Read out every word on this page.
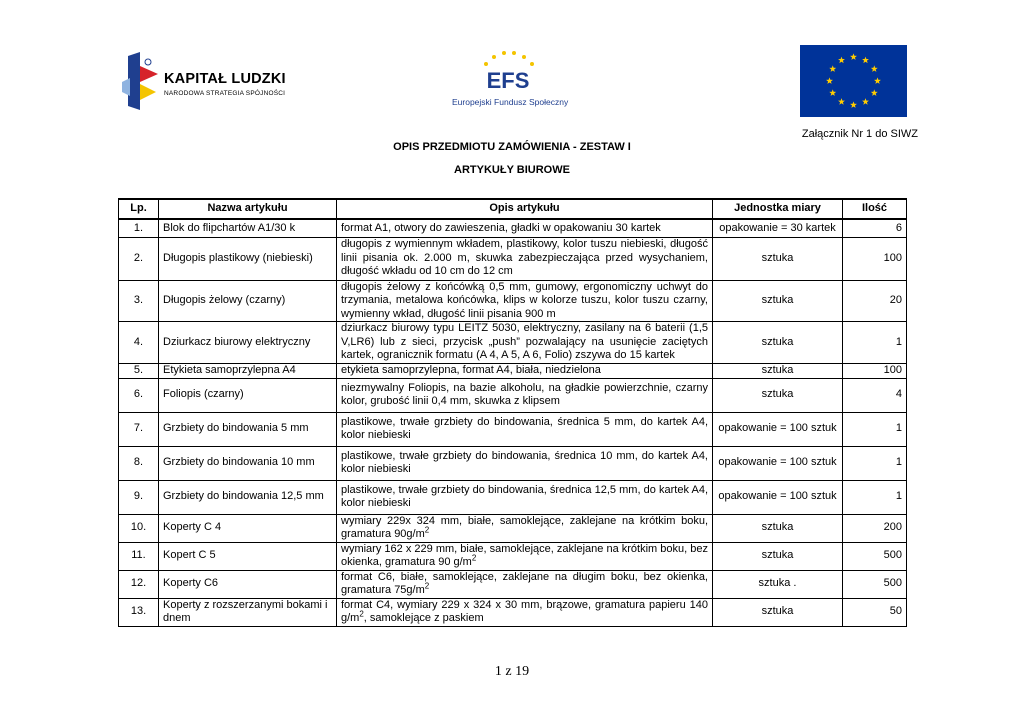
KAPITAŁ LUDZKI
NARODOWA STRATEGIA SPÓJNOŚCI
EFS
Europejski Fundusz Społeczny
Załącznik Nr 1 do SIWZ
OPIS PRZEDMIOTU ZAMÓWIENIA - ZESTAW I
ARTYKUŁY BIUROWE
Lp.	Nazwa artykułu	Opis artykułu	Jednostka miary	Ilość
1.	Blok do flipchartów A1/30 k	format A1, otwory do zawieszenia, gładki w opakowaniu 30 kartek	opakowanie = 30 kartek	6
2.	Długopis plastikowy (niebieski)	długopis z wymiennym wkładem, plastikowy, kolor tuszu niebieski, długość linii pisania ok. 2.000 m, skuwka zabezpieczająca przed wysychaniem, długość wkładu od 10 cm do 12 cm	sztuka	100
3.	Długopis żelowy (czarny)	długopis żelowy z końcówką 0,5 mm, gumowy, ergonomiczny uchwyt do trzymania, metalowa końcówka, klips w kolorze tuszu, kolor tuszu czarny, wymienny wkład, długość linii pisania 900 m	sztuka	20
4.	Dziurkacz biurowy elektryczny	dziurkacz biurowy typu LEITZ 5030, elektryczny, zasilany na 6 baterii (1,5 V,LR6) lub z sieci, przycisk „push” pozwalający na usunięcie zaciętych kartek, ogranicznik formatu (A 4, A 5, A 6, Folio) zszywa do 15 kartek	sztuka	1
5.	Etykieta samoprzylepna A4	etykieta samoprzylepna, format A4, biała, niedzielona	sztuka	100
6.	Foliopis (czarny)	niezmywalny Foliopis, na bazie alkoholu, na gładkie powierzchnie, czarny kolor, grubość linii 0,4 mm, skuwka z klipsem	sztuka	4
7.	Grzbiety do bindowania 5 mm	plastikowe, trwałe grzbiety do bindowania, średnica 5 mm, do kartek A4, kolor niebieski	opakowanie = 100 sztuk	1
8.	Grzbiety do bindowania 10 mm	plastikowe, trwałe grzbiety do bindowania, średnica 10 mm, do kartek A4, kolor niebieski	opakowanie = 100 sztuk	1
9.	Grzbiety do bindowania 12,5 mm	plastikowe, trwałe grzbiety do bindowania, średnica 12,5 mm, do kartek A4, kolor niebieski	opakowanie = 100 sztuk	1
10.	Koperty C 4	wymiary 229x 324 mm, białe, samoklejące, zaklejane na krótkim boku, gramatura $90g/m^2$	sztuka	200
11.	Kopert C 5	wymiary 162 x 229 mm, białe, samoklejące, zaklejane na krótkim boku, bez okienka, gramatura 90 $g/m^2$	sztuka	500
12.	Koperty C6	format C6, białe, samoklejące, zaklejane na długim boku, bez okienka, gramatura $75g/m^2$	sztuka .	500
13.	Koperty z rozszerzanymi bokami i dnem	format C4, wymiary 229 x 324 x 30 mm, brązowe, gramatura papieru 140 $g/m^2$, samoklejące z paskiem	sztuka	50
1 z 19
